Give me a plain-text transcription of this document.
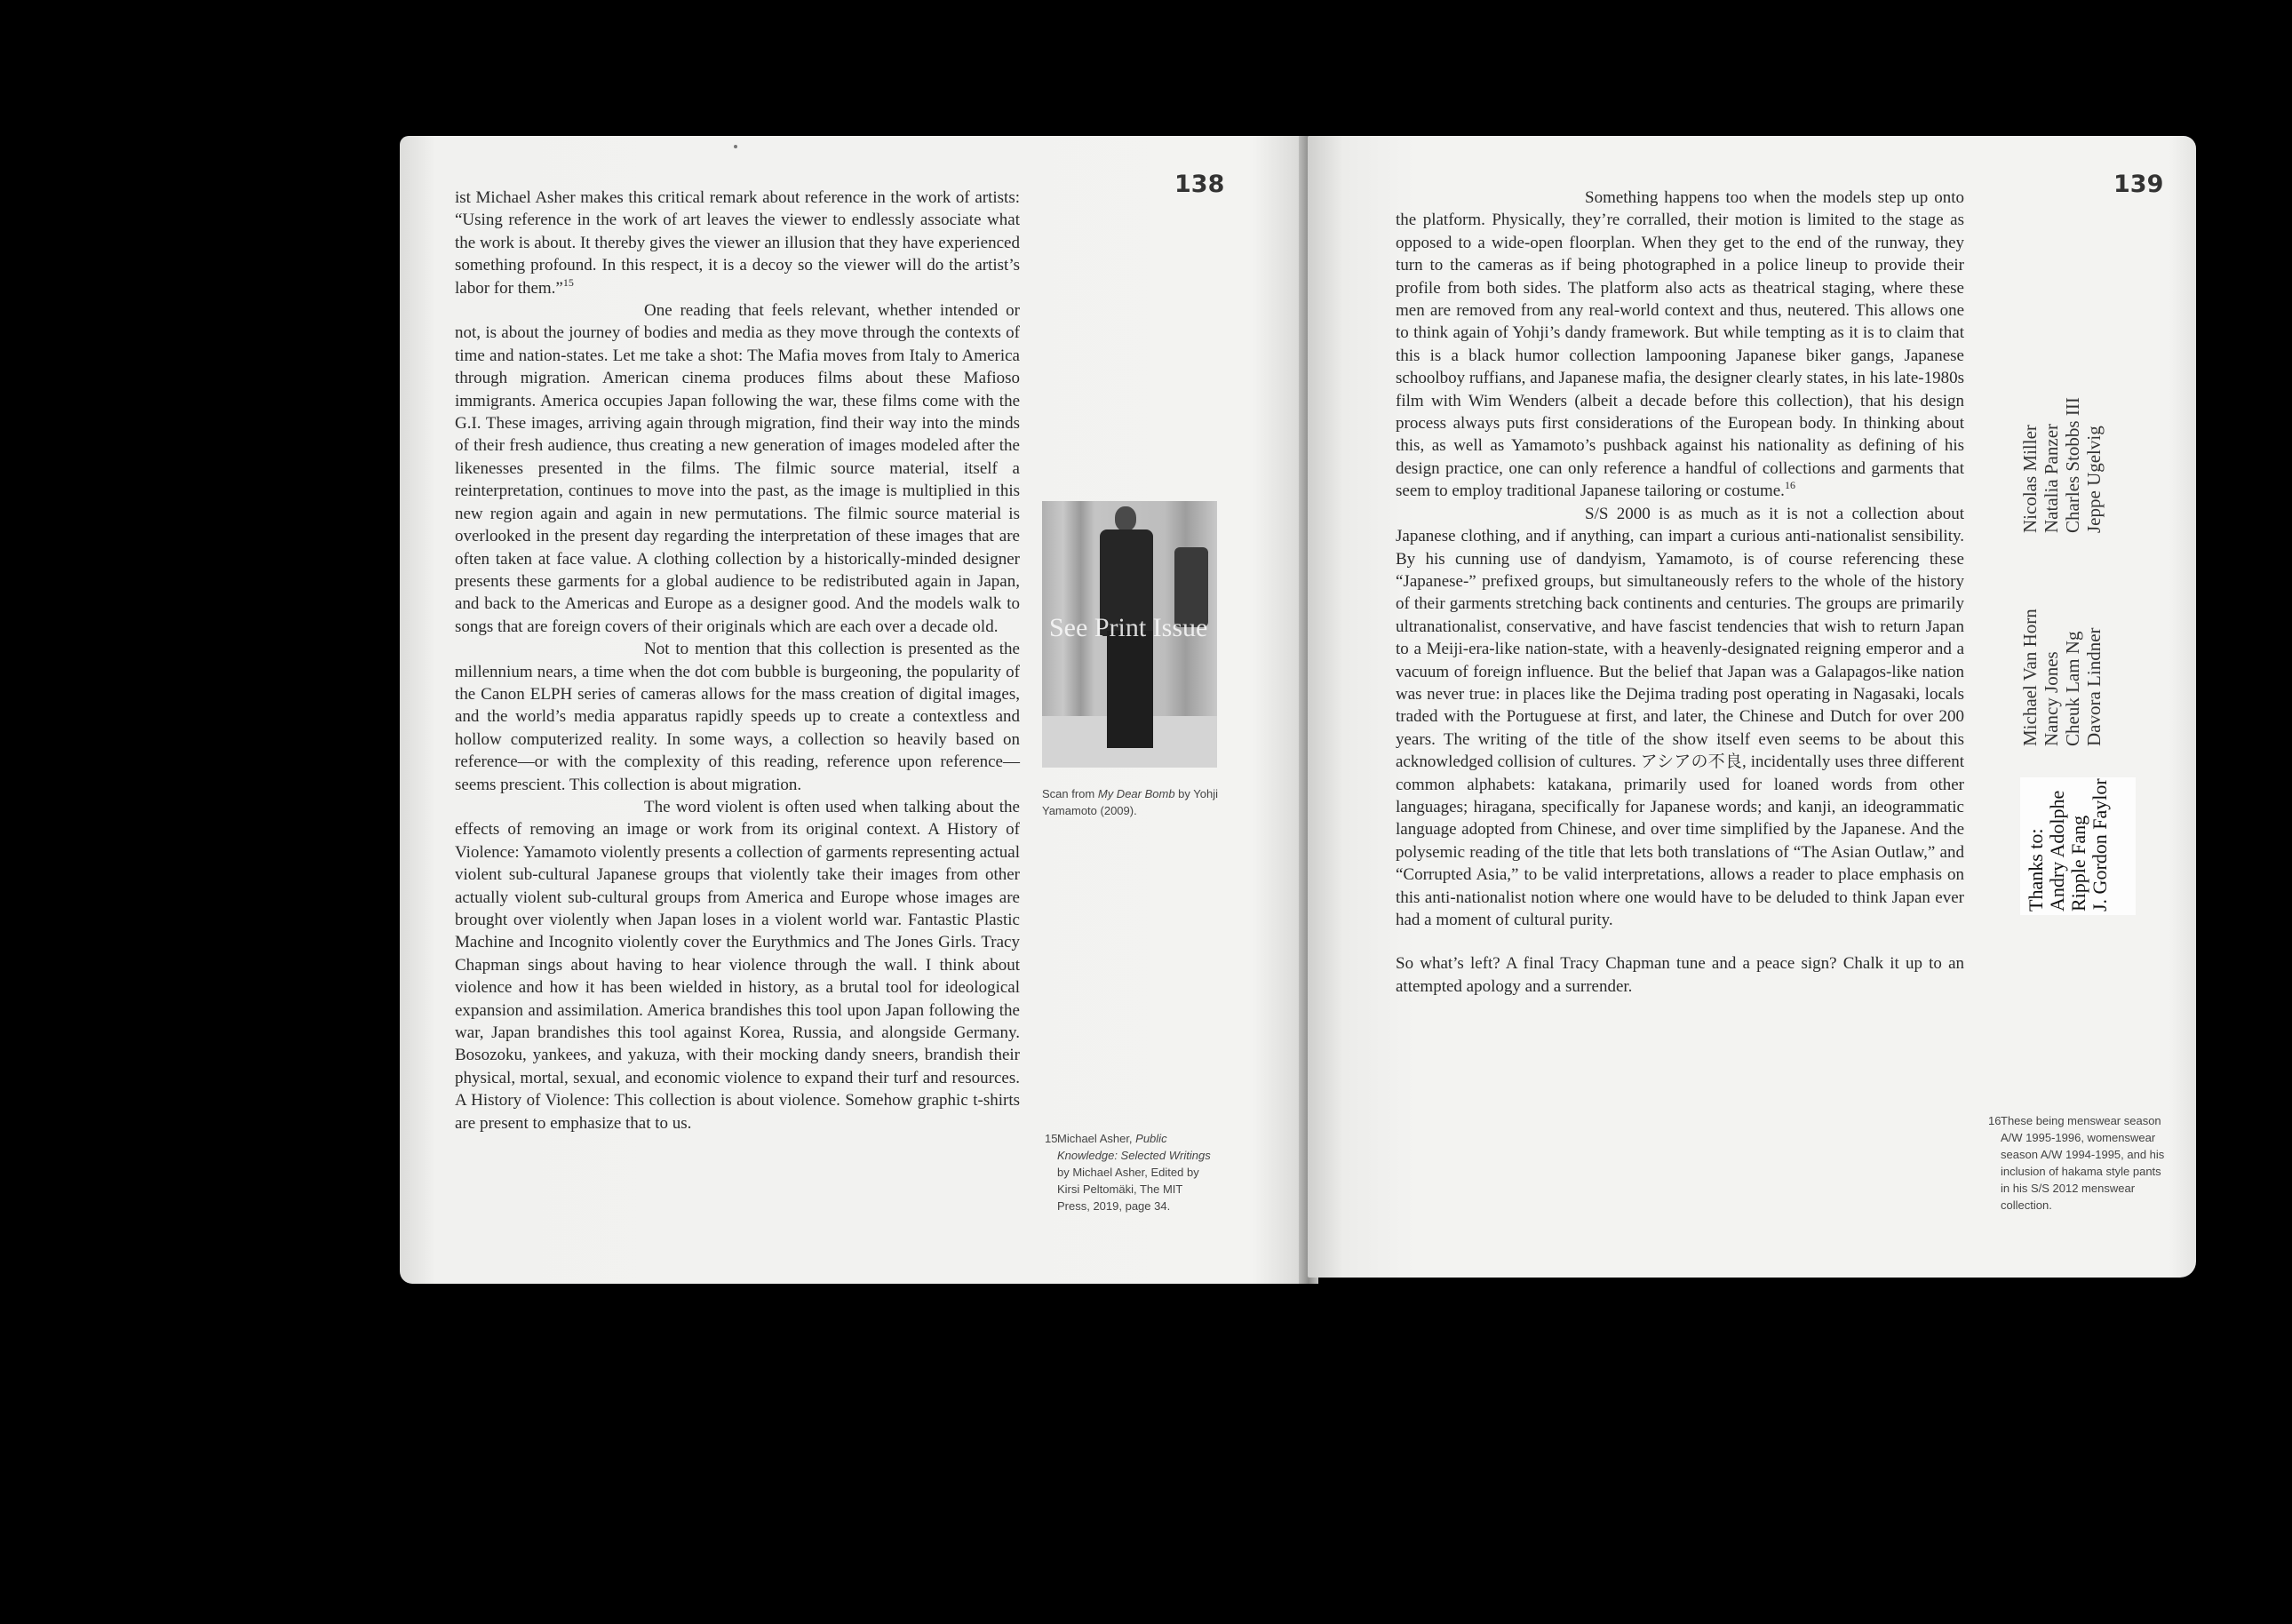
138

ist Michael Asher makes this critical remark about reference in the work of artists: “Using reference in the work of art leaves the viewer to endlessly associate what the work is about. It thereby gives the viewer an illusion that they have experienced something profound. In this respect, it is a decoy so the viewer will do the artist’s labor for them.”$^{15}$

One reading that feels relevant, whether intended or not, is about the journey of bodies and media as they move through the contexts of time and nation-states. Let me take a shot: The Mafia moves from Italy to America through migration. American cinema produces films about these Mafioso immigrants. America occupies Japan following the war, these films come with the G.I. These images, arriving again through migration, find their way into the minds of their fresh audience, thus creating a new generation of images modeled after the likenesses presented in the films. The filmic source material, itself a reinterpretation, continues to move into the past, as the image is multiplied in this new region again and again in new permutations. The filmic source material is overlooked in the present day regarding the interpretation of these images that are often taken at face value. A clothing collection by a historically-minded designer presents these garments for a global audience to be redistributed again in Japan, and back to the Americas and Europe as a designer good. And the models walk to songs that are foreign covers of their originals which are each over a decade old.

Not to mention that this collection is presented as the millennium nears, a time when the dot com bubble is burgeoning, the popularity of the Canon ELPH series of cameras allows for the mass creation of digital images, and the world’s media apparatus rapidly speeds up to create a contextless and hollow computerized reality. In some ways, a collection so heavily based on reference—or with the complexity of this reading, reference upon reference—seems prescient. This collection is about migration.

The word violent is often used when talking about the effects of removing an image or work from its original context. A History of Violence: Yamamoto violently presents a collection of garments representing actual violent sub-cultural Japanese groups that violently take their images from other actually violent sub-cultural groups from America and Europe whose images are brought over violently when Japan loses in a violent world war. Fantastic Plastic Machine and Incognito violently cover the Eurythmics and The Jones Girls. Tracy Chapman sings about having to hear violence through the wall. I think about violence and how it has been wielded in history, as a brutal tool for ideological expansion and assimilation. America brandishes this tool upon Japan following the war, Japan brandishes this tool against Korea, Russia, and alongside Germany. Bosozoku, yankees, and yakuza, with their mocking dandy sneers, brandish their physical, mortal, sexual, and economic violence to expand their turf and resources. A History of Violence: This collection is about violence. Somehow graphic t-shirts are present to emphasize that to us.

See Print Issue
Scan from My Dear Bomb by Yohji Yamamoto (2009).
15 Michael Asher, Public Knowledge: Selected Writings by Michael Asher, Edited by Kirsi Peltomäki, The MIT Press, 2019, page 34.
139

Something happens too when the models step up onto the platform. Physically, they’re corralled, their motion is limited to the stage as opposed to a wide-open floorplan. When they get to the end of the runway, they turn to the cameras as if being photographed in a police lineup to provide their profile from both sides. The platform also acts as theatrical staging, where these men are removed from any real-world context and thus, neutered. This allows one to think again of Yohji’s dandy framework. But while tempting as it is to claim that this is a black humor collection lampooning Japanese biker gangs, Japanese schoolboy ruffians, and Japanese mafia, the designer clearly states, in his late-1980s film with Wim Wenders (albeit a decade before this collection), that his design process always puts first considerations of the European body. In thinking about this, as well as Yamamoto’s pushback against his nationality as defining of his design practice, one can only reference a handful of collections and garments that seem to employ traditional Japanese tailoring or costume.$^{16}$

S/S 2000 is as much as it is not a collection about Japanese clothing, and if anything, can impart a curious anti-nationalist sensibility. By his cunning use of dandyism, Yamamoto, is of course referencing these “Japanese-” prefixed groups, but simultaneously refers to the whole of the history of their garments stretching back continents and centuries. The groups are primarily ultranationalist, conservative, and have fascist tendencies that wish to return Japan to a Meiji-era-like nation-state, with a heavenly-designated reigning emperor and a vacuum of foreign influence. But the belief that Japan was a Galapagos-like nation was never true: in places like the Dejima trading post operating in Nagasaki, locals traded with the Portuguese at first, and later, the Chinese and Dutch for over 200 years. The writing of the title of the show itself even seems to be about this acknowledged collision of cultures. アシアの不良, incidentally uses three different common alphabets: katakana, primarily used for loaned words from other languages; hiragana, specifically for Japanese words; and kanji, an ideogrammatic language adopted from Chinese, and over time simplified by the Japanese. And the polysemic reading of the title that lets both translations of “The Asian Outlaw,” and “Corrupted Asia,” to be valid interpretations, allows a reader to place emphasis on this anti-nationalist notion where one would have to be deluded to think Japan ever had a moment of cultural purity.

So what’s left? A final Tracy Chapman tune and a peace sign? Chalk it up to an attempted apology and a surrender.

16 These being menswear season A/W 1995-1996, womenswear season A/W 1994-1995, and his inclusion of hakama style pants in his S/S 2012 menswear collection.
Nicolas Miller Natalia Panzer Charles Stobbs III Jeppe Ugelvig
Michael Van Horn Nancy Jones Cheuk Lam Ng Davora Lindner
Thanks to: Andry Adolphe Ripple Fang J. Gordon Faylor
